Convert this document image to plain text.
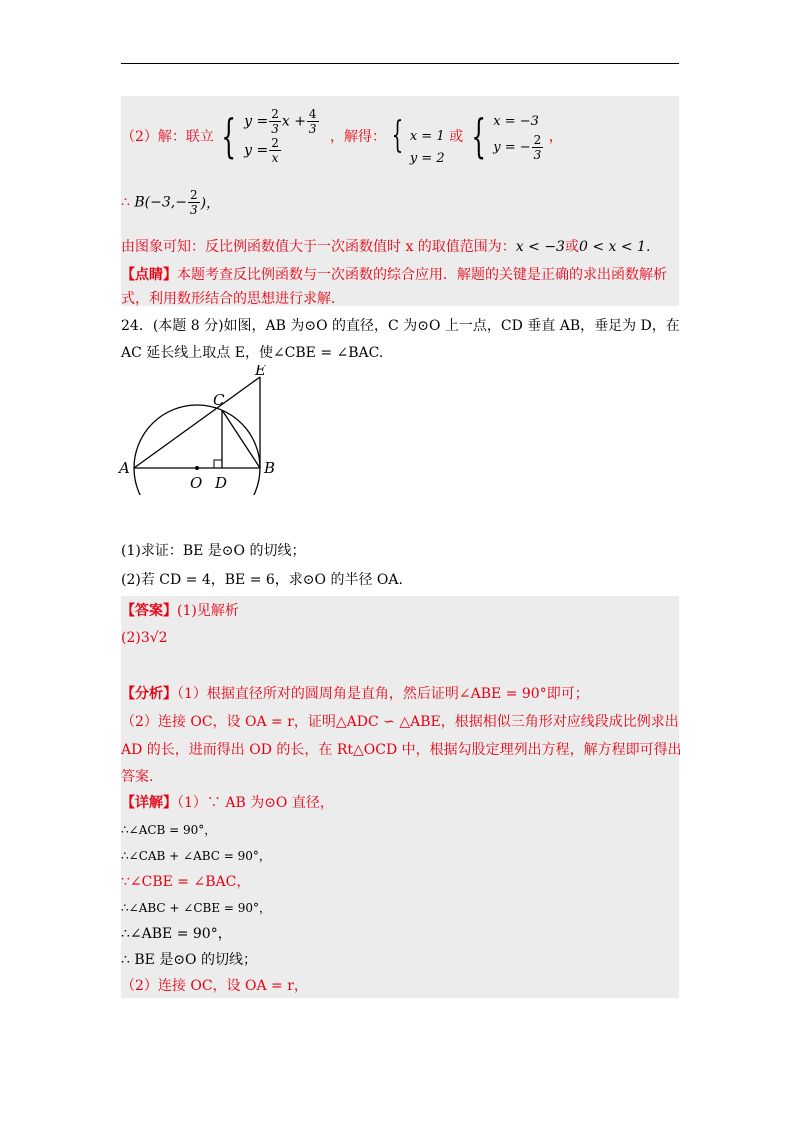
（2）解：联立 { $y = \frac{2}{3}$ $x + \frac{4}{3}$
$y = \frac{2}{x}$	，解得： { x = 1
y = 2
或 { x = −3
y = − $\frac{2}{3}$ ，
∴ $B(-3,- \frac{2}{3}$ )，
由图象可知：反比例函数值大于一次函数值时 x 的取值范围为：x < −3或0 < x < 1.
【点睛】本题考查反比例函数与一次函数的综合应用．解题的关键是正确的求出函数解析
式，利用数形结合的思想进行求解．
24．(本题 8 分)如图，AB 为⊙O 的直径，C 为⊙O 上一点，CD 垂直 AB，垂足为 D，在
AC 延长线上取点 E，使∠CBE = ∠BAC.
E
C
A	B
O D
(1)求证：BE 是⊙O 的切线；
(2)若 CD = 4，BE = 6，求⊙O 的半径 OA.
【答案】(1)见解析
(2)3√2
【分析】（1）根据直径所对的圆周角是直角，然后证明∠ABE = 90°即可；
（2）连接 OC，设 OA = r，证明△ADC ∽ △ABE，根据相似三角形对应线段成比例求出
AD 的长，进而得出 OD 的长，在 Rt△OCD 中，根据勾股定理列出方程，解方程即可得出
答案.
【详解】（1）∵ AB 为⊙O 直径，
∴∠ACB = 90°，
∴∠CAB + ∠ABC = 90°，
∵∠CBE = ∠BAC，
∴∠ABC + ∠CBE = 90°，
∴∠ABE = 90°，
∴ BE 是⊙O 的切线；
（2）连接 OC，设 OA = r，
